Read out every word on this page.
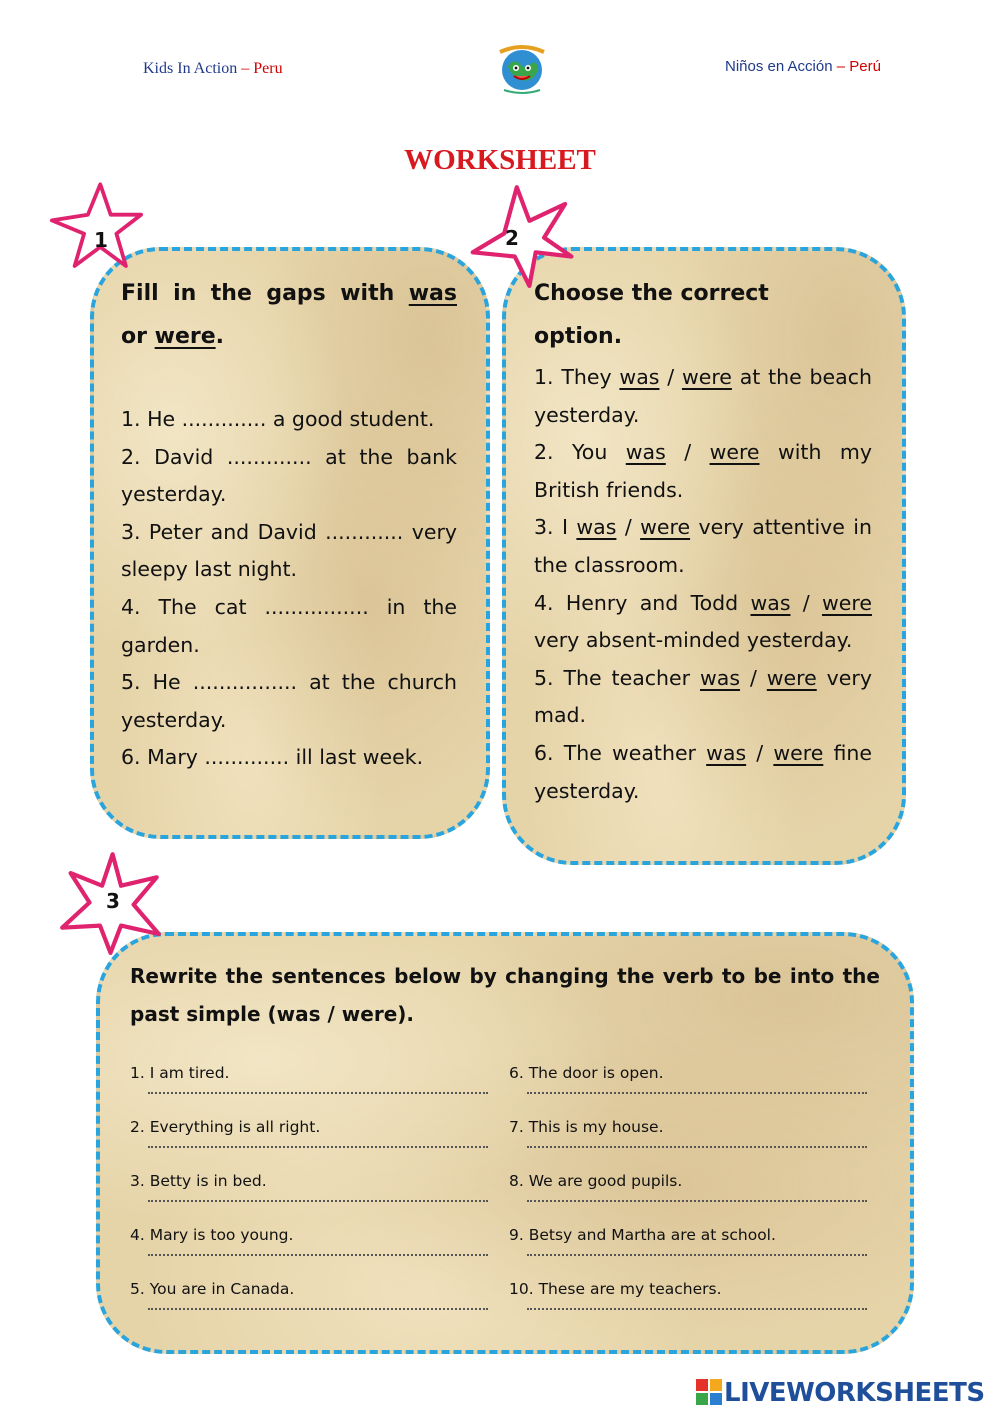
Kids In Action – Peru	Niños en Acción – Perú
WORKSHEET
1	2
3
Fill in the gaps with was
or were.
1. He ............. a good student.
2. David ............. at the bank yesterday.
3. Peter and David ............ very sleepy last night.
4. The cat ................ in the garden.
5. He ................ at the church yesterday.
6. Mary ............. ill last week.
Choose the correct option.
1. They was / were at the beach yesterday.
2. You was / were with my British friends.
3. I was / were very attentive in the classroom.
4. Henry and Todd was / were very absent-minded yesterday.
5. The teacher was / were very mad.
6. The weather was / were fine yesterday.
Rewrite the sentences below by changing the verb to be into the past simple (was / were).
1. I am tired.
2. Everything is all right.
3. Betty is in bed.
4. Mary is too young.
5. You are in Canada.
6. The door is open.
7. This is my house.
8. We are good pupils.
9. Betsy and Martha are at school.
10. These are my teachers.
LIVEWORKSHEETS
